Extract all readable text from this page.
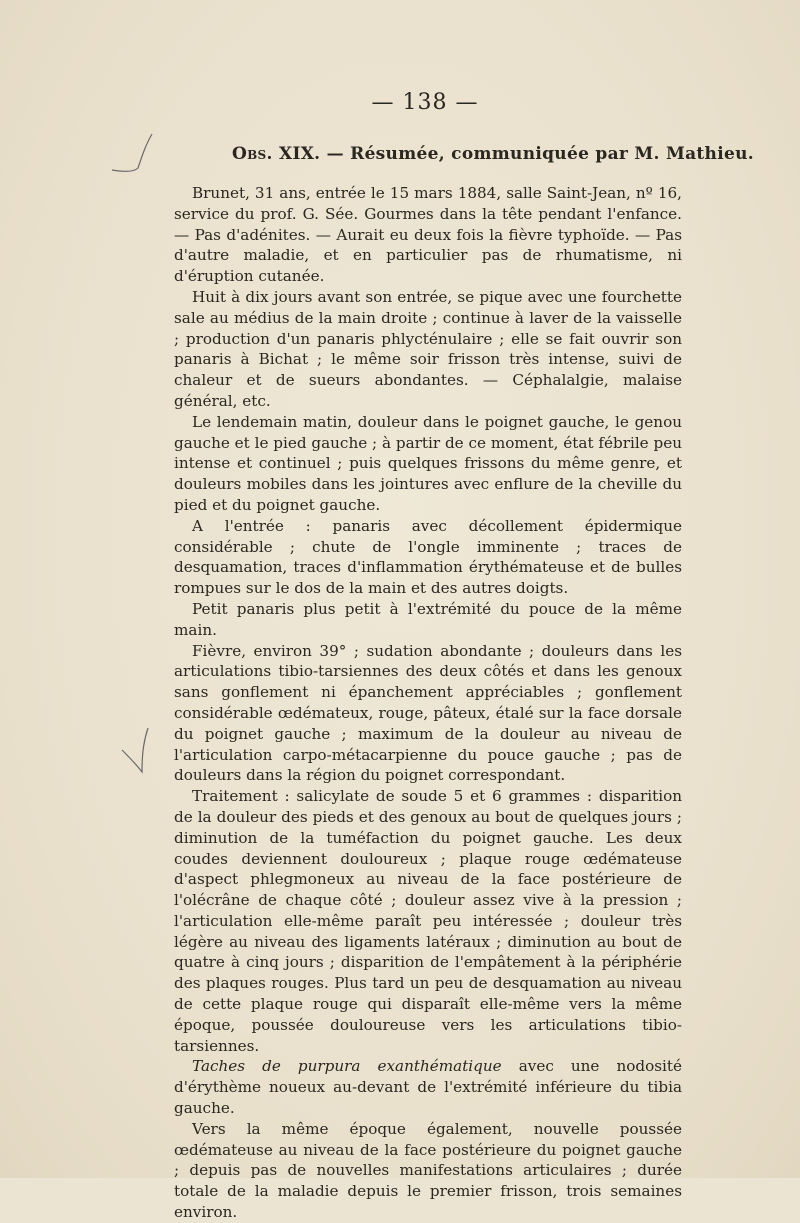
— 138 —
Obs. XIX. — Résumée, communiquée par M. Mathieu.

Brunet, 31 ans, entrée le 15 mars 1884, salle Saint-Jean, nº 16, service du prof. G. Sée. Gourmes dans la tête pendant l'enfance. — Pas d'adénites. — Aurait eu deux fois la fièvre typhoïde. — Pas d'autre maladie, et en particulier pas de rhumatisme, ni d'éruption cutanée.

Huit à dix jours avant son entrée, se pique avec une fourchette sale au médius de la main droite ; continue à laver de la vaisselle ; production d'un panaris phlycténulaire ; elle se fait ouvrir son panaris à Bichat ; le même soir frisson très intense, suivi de chaleur et de sueurs abondantes. — Céphalalgie, malaise général, etc.

Le lendemain matin, douleur dans le poignet gauche, le genou gauche et le pied gauche ; à partir de ce moment, état fébrile peu intense et continuel ; puis quelques frissons du même genre, et douleurs mobiles dans les jointures avec enflure de la cheville du pied et du poignet gauche.

A l'entrée : panaris avec décollement épidermique considérable ; chute de l'ongle imminente ; traces de desquamation, traces d'inflammation érythémateuse et de bulles rompues sur le dos de la main et des autres doigts.

Petit panaris plus petit à l'extrémité du pouce de la même main.

Fièvre, environ 39° ; sudation abondante ; douleurs dans les articulations tibio-tarsiennes des deux côtés et dans les genoux sans gonflement ni épanchement appréciables ; gonflement considérable œdémateux, rouge, pâteux, étalé sur la face dorsale du poignet gauche ; maximum de la douleur au niveau de l'articulation carpo-métacarpienne du pouce gauche ; pas de douleurs dans la région du poignet correspondant.

Traitement : salicylate de soude 5 et 6 grammes : disparition de la douleur des pieds et des genoux au bout de quelques jours ; diminution de la tuméfaction du poignet gauche. Les deux coudes deviennent douloureux ; plaque rouge œdémateuse d'aspect phlegmoneux au niveau de la face postérieure de l'olécrâne de chaque côté ; douleur assez vive à la pression ; l'articulation elle-même paraît peu intéressée ; douleur très légère au niveau des ligaments latéraux ; diminution au bout de quatre à cinq jours ; disparition de l'empâtement à la périphérie des plaques rouges. Plus tard un peu de desquamation au niveau de cette plaque rouge qui disparaît elle-même vers la même époque, poussée douloureuse vers les articulations tibio-tarsiennes.

Taches de purpura exanthématique avec une nodosité d'érythème noueux au-devant de l'extrémité inférieure du tibia gauche.

Vers la même époque également, nouvelle poussée œdémateuse au niveau de la face postérieure du poignet gauche ; depuis pas de nouvelles manifestations articulaires ; durée totale de la maladie depuis le premier frisson, trois semaines environ.
